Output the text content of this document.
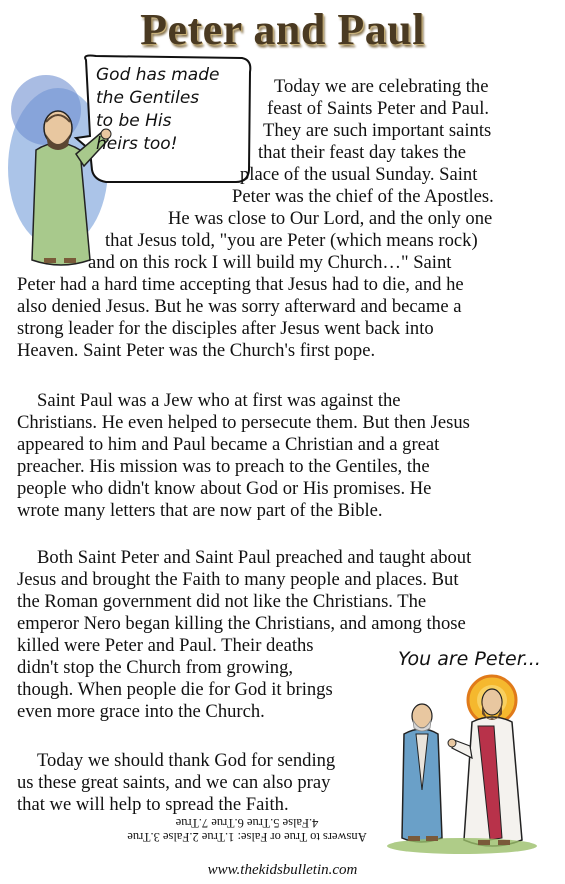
Peter and Paul
God has made
the Gentiles
to be His
heirs too!
Today we are celebrating the
feast of Saints Peter and Paul.
They are such important saints
that their feast day takes the
place of the usual Sunday. Saint
Peter was the chief of the Apostles.
He was close to Our Lord, and the only one
that Jesus told, "you are Peter (which means rock)
and on this rock I will build my Church…" Saint
Peter had a hard time accepting that Jesus had to die, and he
also denied Jesus. But he was sorry afterward and became a
strong leader for the disciples after Jesus went back into
Heaven. Saint Peter was the Church's first pope.
Saint Paul was a Jew who at first was against the
Christians. He even helped to persecute them. But then Jesus
appeared to him and Paul became a Christian and a great
preacher. His mission was to preach to the Gentiles, the
people who didn't know about God or His promises. He
wrote many letters that are now part of the Bible.
Both Saint Peter and Saint Paul preached and taught about
Jesus and brought the Faith to many people and places. But
the Roman government did not like the Christians. The
emperor Nero began killing the Christians, and among those
killed were Peter and Paul. Their deaths
didn't stop the Church from growing,
though. When people die for God it brings
even more grace into the Church.
Today we should thank God for sending
us these great saints, and we can also pray
that we will help to spread the Faith.
You are Peter...
Answers to True or False: 1.True 2.False 3.True
4.False 5.True 6.True 7.True
www.thekidsbulletin.com
